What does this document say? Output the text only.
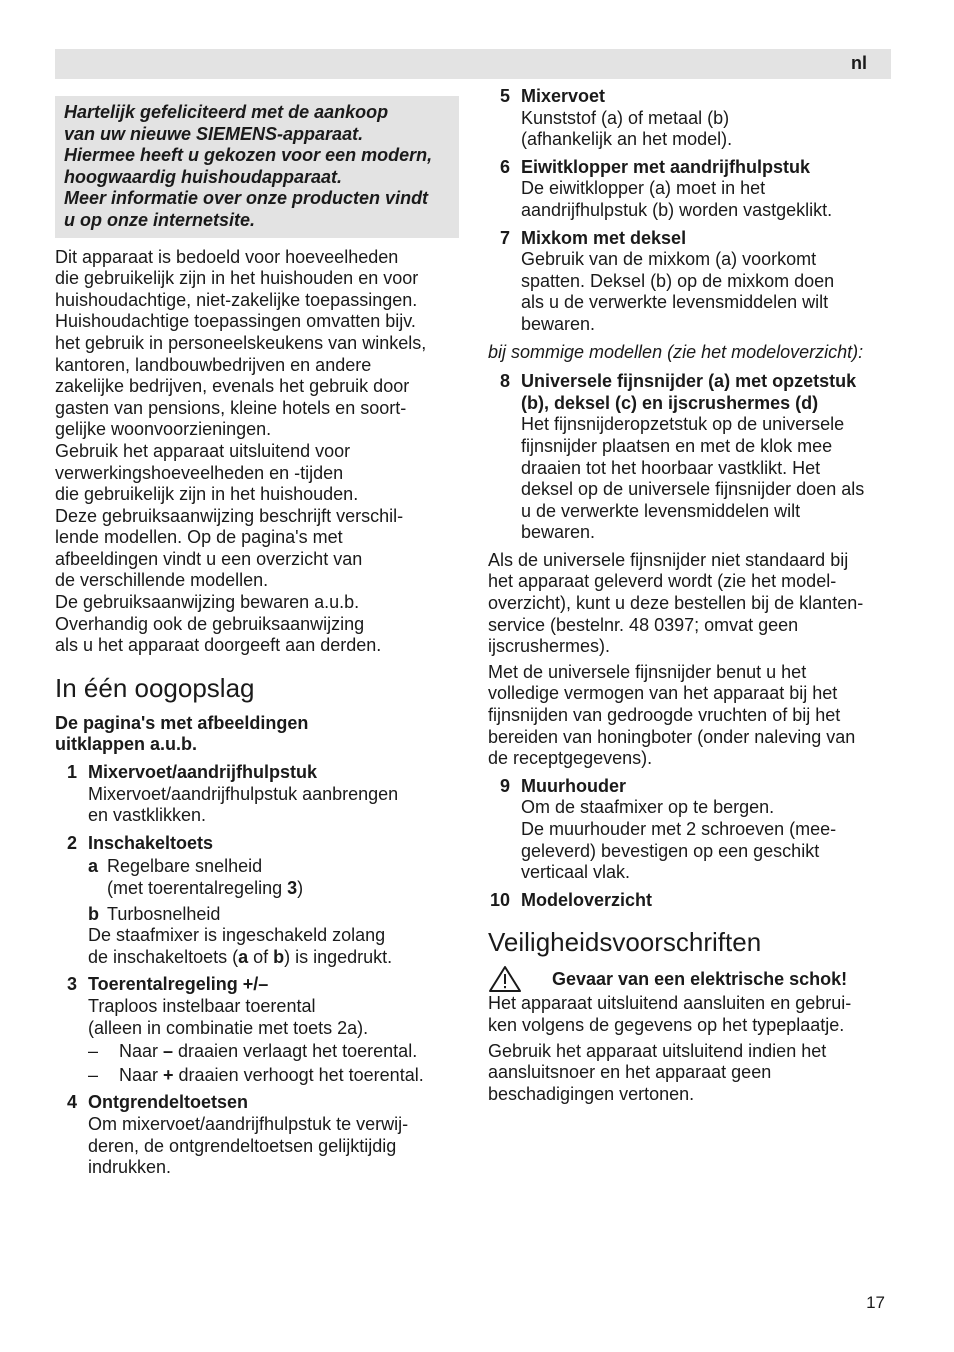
nl

Hartelijk gefeliciteerd met de aankoop

van uw nieuwe SIEMENS-apparaat.

Hiermee heeft u gekozen voor een modern,

hoogwaardig huishoudapparaat.

Meer informatie over onze producten vindt

u op onze internetsite.

Dit apparaat is bedoeld voor hoeveelheden

die gebruikelijk zijn in het huishouden en voor

huishoudachtige, niet-zakelijke toepassingen.

Huishoudachtige toepassingen omvatten bijv.

het gebruik in personeelskeukens van winkels,

kantoren, landbouwbedrijven en andere

zakelijke bedrijven, evenals het gebruik door

gasten van pensions, kleine hotels en soort-

gelijke woonvoorzieningen.

Gebruik het apparaat uitsluitend voor

verwerkingshoeveelheden en -tijden

die gebruikelijk zijn in het huishouden.

Deze gebruiksaanwijzing beschrijft verschil-

lende modellen. Op de pagina's met

afbeeldingen vindt u een overzicht van

de verschillende modellen.

De gebruiksaanwijzing bewaren a.u.b.

Overhandig ook de gebruiksaanwijzing

als u het apparaat doorgeeft aan derden.

In één oogopslag
De pagina's met afbeeldingen
uitklappen a.u.b.
1 Mixervoet/aandrijfhulpstuk

Mixervoet/aandrijfhulpstuk aanbrengen

en vastklikken.

2 Inschakeltoets
a Regelbare snelheid
(met toerentalregeling 3)
b Turbosnelheid

De staafmixer is ingeschakeld zolang

de inschakeltoets (a of b) is ingedrukt.

3 Toerentalregeling +/–

Traploos instelbaar toerental

(alleen in combinatie met toets 2a).

–	Naar – draaien verlaagt het toerental.
–	Naar + draaien verhoogt het toerental.
4 Ontgrendeltoetsen

Om mixervoet/aandrijfhulpstuk te verwij-

deren, de ontgrendeltoetsen gelijktijdig

indrukken.

5 Mixervoet

Kunststof (a) of metaal (b)

(afhankelijk an het model).

6 Eiwitklopper met aandrijfhulpstuk

De eiwitklopper (a) moet in het

aandrijfhulpstuk (b) worden vastgeklikt.

7 Mixkom met deksel

Gebruik van de mixkom (a) voorkomt

spatten. Deksel (b) op de mixkom doen

als u de verwerkte levensmiddelen wilt

bewaren.

bij sommige modellen (zie het modeloverzicht):
8 Universele fijnsnijder (a) met opzetstuk
(b), deksel (c) en ijscrushermes (d)

Het fijnsnijderopzetstuk op de universele

fijnsnijder plaatsen en met de klok mee

draaien tot het hoorbaar vastklikt. Het

deksel op de universele fijnsnijder doen als

u de verwerkte levensmiddelen wilt

bewaren.

Als de universele fijnsnijder niet standaard bij

het apparaat geleverd wordt (zie het model-

overzicht), kunt u deze bestellen bij de klanten-

service (bestelnr. 48 0397; omvat geen

ijscrushermes).

Met de universele fijnsnijder benut u het

volledige vermogen van het apparaat bij het

fijnsnijden van gedroogde vruchten of bij het

bereiden van honingboter (onder naleving van

de receptgegevens).

9 Muurhouder

Om de staafmixer op te bergen.

De muurhouder met 2 schroeven (mee-

geleverd) bevestigen op een geschikt

verticaal vlak.

10 Modeloverzicht
Veiligheidsvoorschriften
Gevaar van een elektrische schok!

Het apparaat uitsluitend aansluiten en gebrui-

ken volgens de gegevens op het typeplaatje.

Gebruik het apparaat uitsluitend indien het

aansluitsnoer en het apparaat geen

beschadigingen vertonen.

17
